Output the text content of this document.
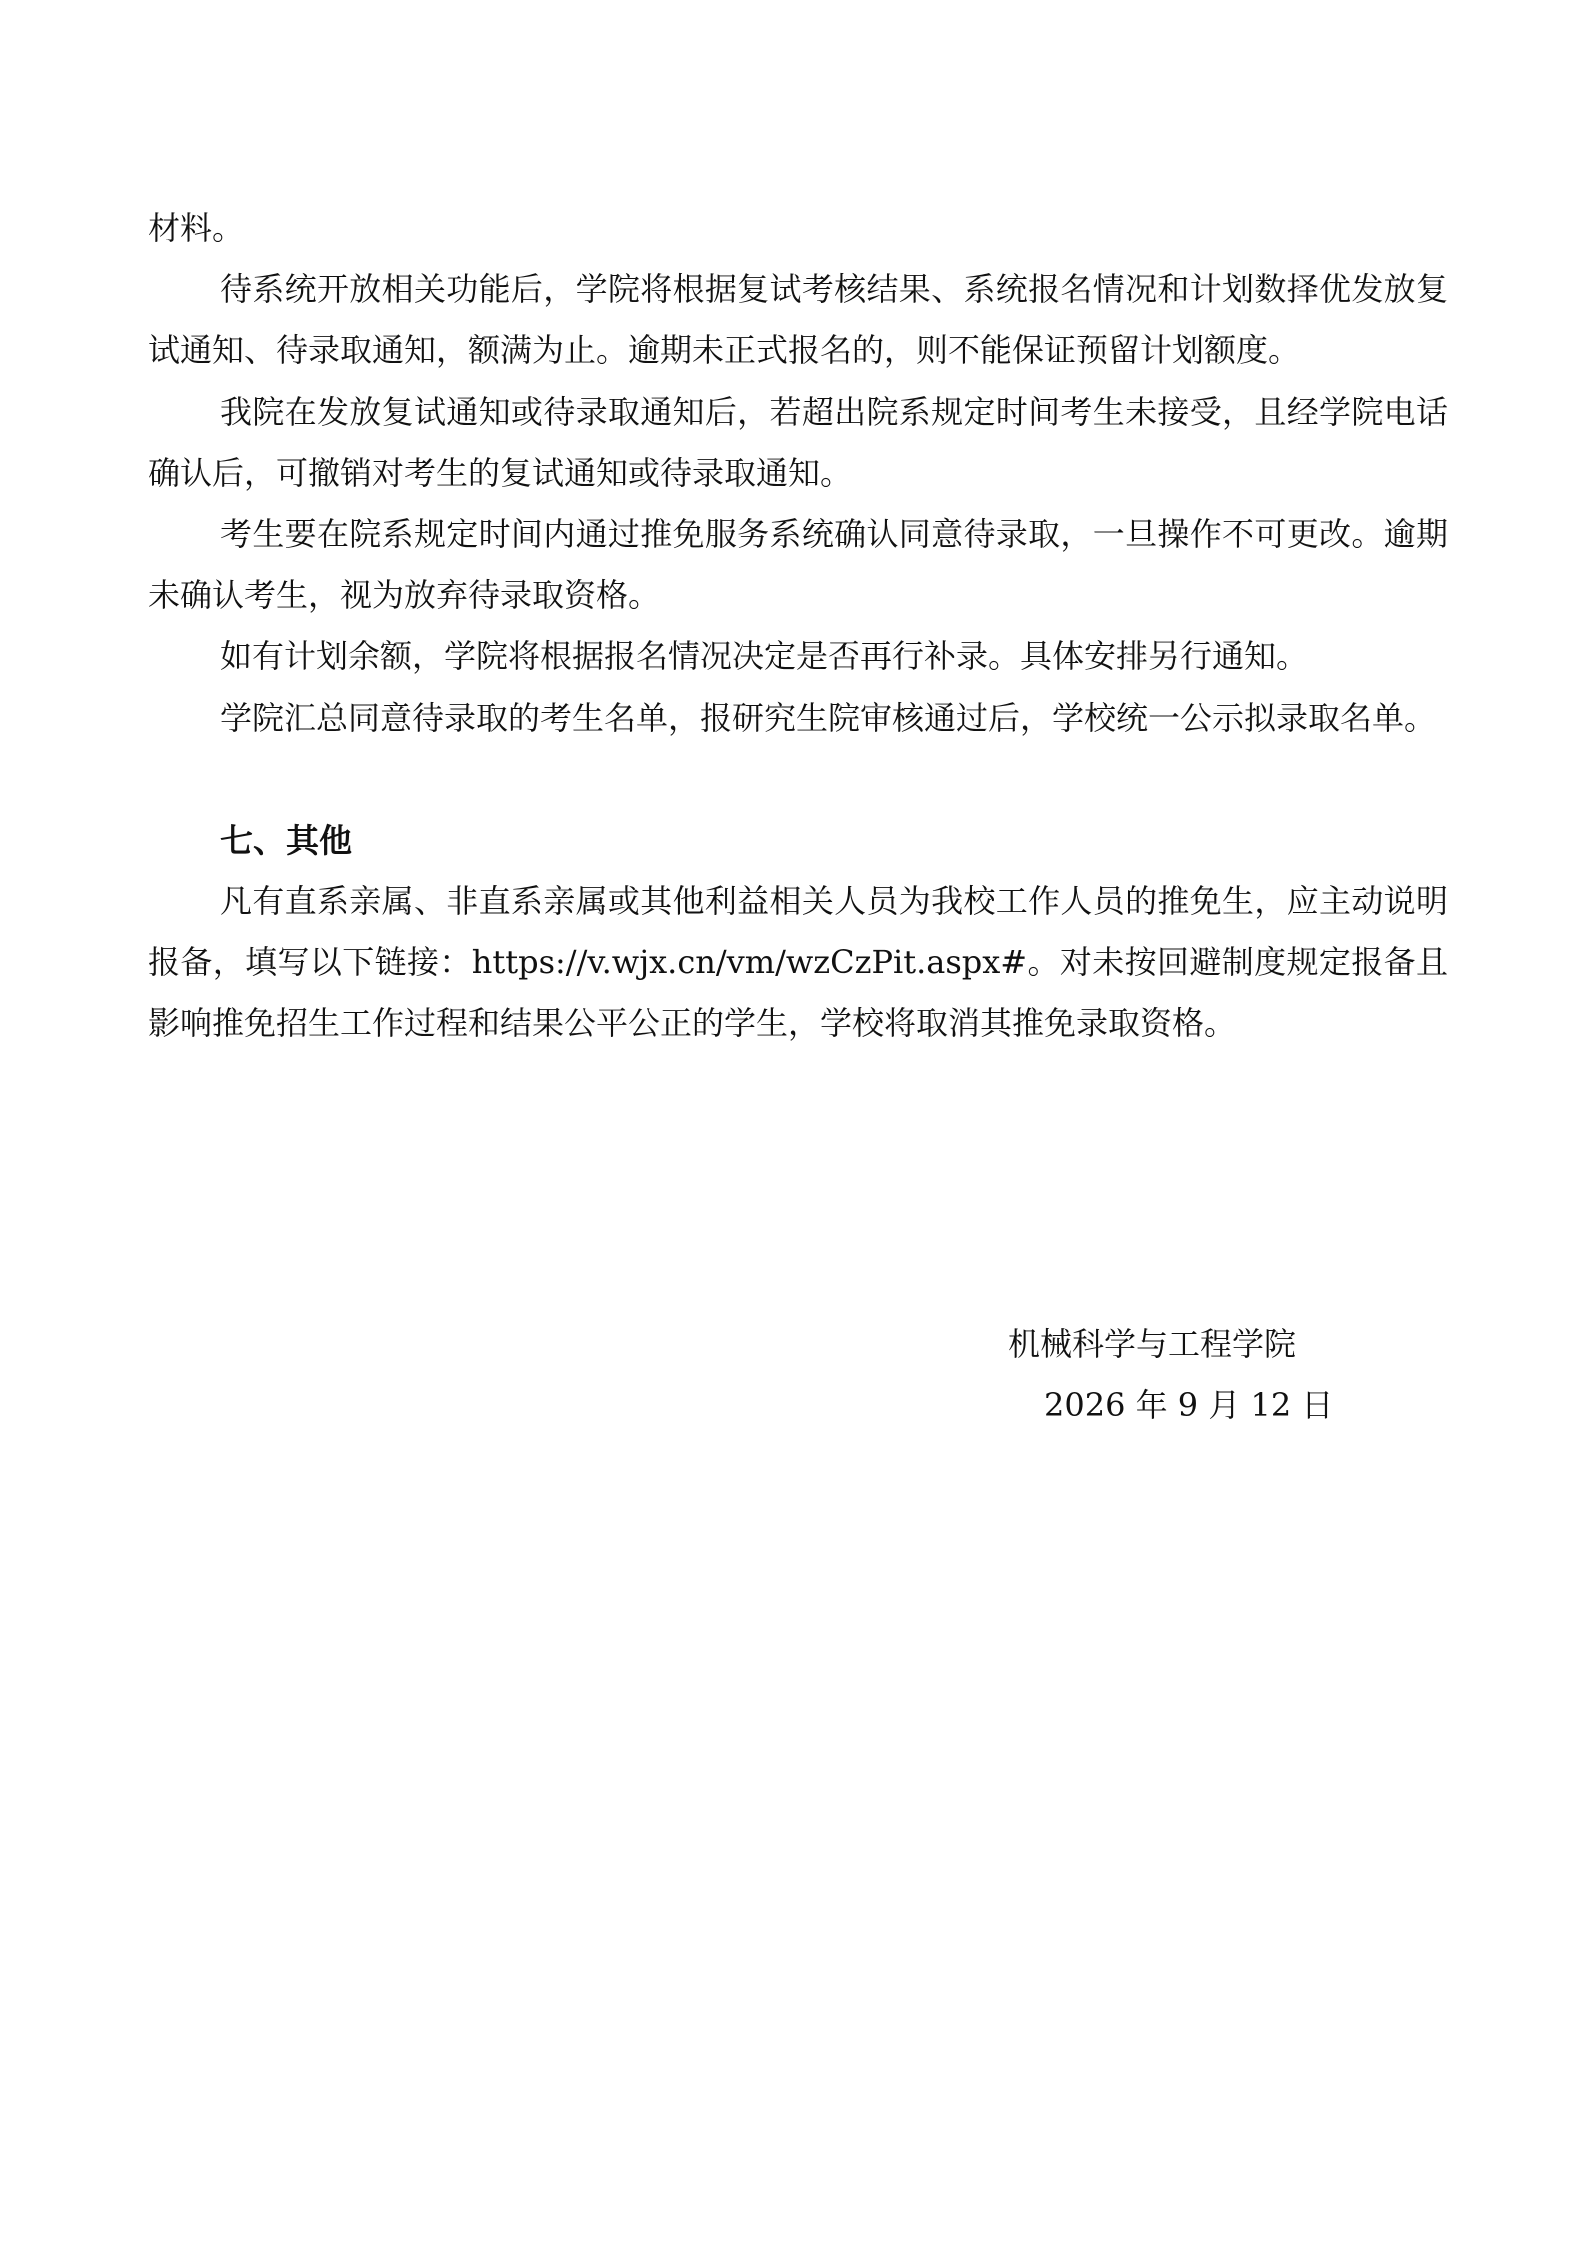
材料。

待系统开放相关功能后，学院将根据复试考核结果、系统报名情况和计划数择优发放复试通知、待录取通知，额满为止。逾期未正式报名的，则不能保证预留计划额度。

我院在发放复试通知或待录取通知后，若超出院系规定时间考生未接受，且经学院电话确认后，可撤销对考生的复试通知或待录取通知。

考生要在院系规定时间内通过推免服务系统确认同意待录取，一旦操作不可更改。逾期未确认考生，视为放弃待录取资格。

如有计划余额，学院将根据报名情况决定是否再行补录。具体安排另行通知。

学院汇总同意待录取的考生名单，报研究生院审核通过后，学校统一公示拟录取名单。

七、其他

凡有直系亲属、非直系亲属或其他利益相关人员为我校工作人员的推免生，应主动说明报备，填写以下链接：https://v.wjx.cn/vm/wzCzPit.aspx#。对未按回避制度规定报备且影响推免招生工作过程和结果公平公正的学生，学校将取消其推免录取资格。

机械科学与工程学院
2026 年 9 月 12 日
